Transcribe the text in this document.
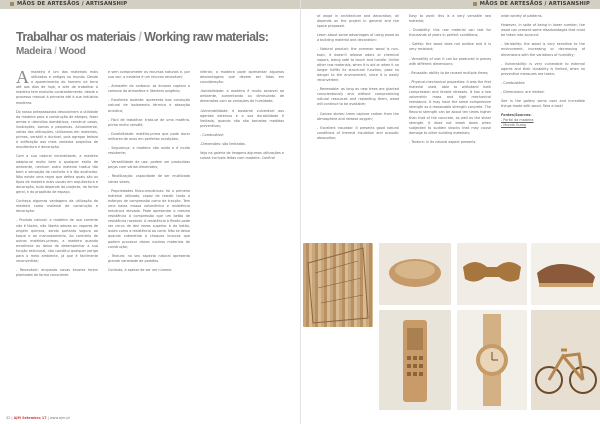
MÃOS DE ARTESÃOS / ARTISANSHIP
Trabalhar os materiais / Working raw materials:
Madeira / Wood

Amadeira é um dos materiais mais utilizados e antigos no mundo. Desde a aparecimento do homem na terra até aos dias de hoje, a arte de trabalhar a madeira tem evoluído constantemente, desde o processo manual à primeira até à sua indústria moderna.

Do nosso antepassados descobriram a utilidade da madeira para a construção de abrigos, fazer armas e utensílios domésticos, construir casas, ilustrações, barcos e pequenas. Actualmente, várias das utilizações, utilizamos em materiais-primas, versátil e durável, pois agregar beleza à edificação aos mais variados projectos de arquitectura e decoração.

Com a sua natural neutralidade, a madeira adapta-se muito bem a qualquer estilo de ambiente, nenhum outro material traduz tão bem a sensação de conforto e à tão acolhedor. Não existe uma regra que defina quais são os tipos de madeira mais usuais em arquitectura e decoração, tudo depende do projecto, da forma geral, e do propósito de espaço.

Conheça algumas vantagens da utilização da madeira como material de construção e decoração:

- Produto natural: a madeira de uso corrente não é tóxica, não liberta odores ou vapores de origem química, sendo portanto seguro ao toque e ao manuseamento. Ao contrário de outras matérias-primas, a madeira quando envelhece ou deixa de desempenhar a sua função estrutural, não constitui qualquer perigo para o meio ambiente, já que é facilmente reconvertida;

- Renovável: enquanto novas árvores forem plantadas de forma consciente

e sem comprometer os recursos naturais e, por sua vez, a madeira é um recurso renovável;

- Armazém de carbono: as árvores captam o carbono da atmosfera e libertam oxigénio;

- Excelente isolante: apresenta boa condução natural de isolamento térmico e absorção acústica;

- Fácil de trabalhar: trata-se de uma matéria-prima muito versátil;

- Durabilidade: matéria-prima que pode durar milhares de anos em perfeitas condições;

- Segurança: a madeira não oxida e é muito resistente;

- Versatilidade de uso: podem ser produzidas peças com várias dimensões;

- Reutilização: capacidade de ser reutilizada várias vezes;

- Propriedades físico-mecânicas: foi o primeiro material utilizado, capaz de resistir tanto a esforços de compressão como de tracção. Tem uma baixa massa volumétrica e resistência mecânica elevada. Pode apresentar a mesma resistência à compressão que um betão de resistência razoável. A resistência à flexão pode ser cerca de dez vezes superior à do betão, assim como a resistência ao corte. Não se deixa quando submetida a choques bruscos que podem provocar danos noutros materiais de construção;

- Textura: no seu aspecto natural apresenta grande variedade de padrões.

Contudo, e apesar de ser um número

inferior, a madeira pode apresentar algumas desvantagens que devem ser tidas em consideração:

-Variabilidade: a madeira é muito sensível ao ambiente, aumentando ou diminuindo de dimensões com as variações de humidade;

-Vulnerabilidade: é bastante vulnerável aos agentes externos e a sua durabilidade é limitada, quando não são tomadas medidas preventivas;

- Combustível

-Dimensões: são limitadas.

Veja na galeria de imagens algumas utilizações e coisas incríveis feitas com madeira. Confira!

32 | AJM Setembro 17 | www.ajm.pt
MÃOS DE ARTESÃOS / ARTISANSHIP

of wood in architecture and decoration, all depends on the project in general and the space proposed.

Learn about some advantages of using wood as a building material and decoration:

- Natural product: the common wood is non-toxic, it doesn't release odors or chemical vapors, being safe to touch and handle. Unlike other raw materials, when it is old or when it no longer fulfills its structural function, pose no danger to the environment, since it is easily reconverted;

- Renewable: as long as new trees are planted conscientiously and without compromising natural resources and replanting them, wood will continue to be available;

- Carbon stores: trees capture carbon from the atmosphere and release oxygen;

- Excellent insulator: it presents good natural conditions of thermal insulation and acoustic absorption;

Easy to work: this is a very versatile raw material;

- Durability: this raw material can last for thousands of years in perfect conditions;

- Safety: the wood does not oxidize and it is very resistant;

- Versatility of use: it can be produced in pieces with different dimensions;

- Reusable: ability to be reused multiple times;

- Physical-mechanical properties: it was the first material used, able to withstand both compression and tensile stresses. It has a low volumetric mass and high mechanical resistance. It may have the same compressive strength as a reasonable strength concrete. The flexural strength can be about ten times higher than that of the concrete, as well as the shear strength. It does not break down when subjected to sudden shocks that may cause damage to other building materials;

- Texture: in its natural aspect presents

wide variety of patterns.

However, in spite of being in lower number, the wood can present some disadvantages that must be taken into account:

- Variability: the wood is very sensitive to the environment, increasing or decreasing of dimensions with the variations of humidity;

- Vulnerability: is very vulnerable to external agents and their durability is limited, when no preventive measures are taken;

- Combustible

- Dimensions: are limited.

See in the gallery some uses and incredible things made with wood. Take a look!

Fontes/Sources:
- Portal da madeira
- Mundo Gump
